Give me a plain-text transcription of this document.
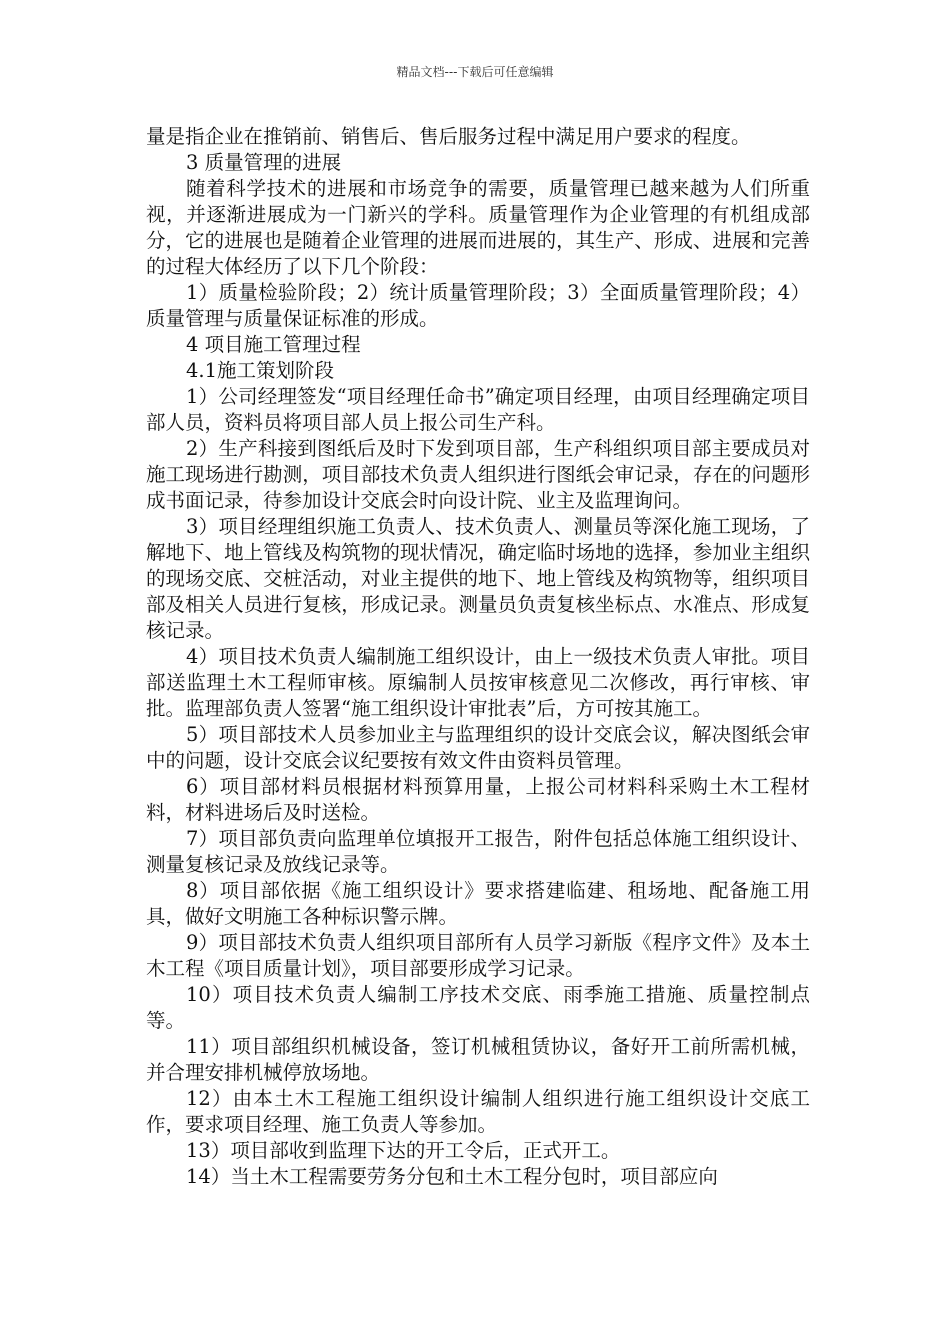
精品文档---下载后可任意编辑

量是指企业在推销前、销售后、售后服务过程中满足用户要求的程度。

3 质量管理的进展

随着科学技术的进展和市场竞争的需要，质量管理已越来越为人们所重视，并逐渐进展成为一门新兴的学科。质量管理作为企业管理的有机组成部分，它的进展也是随着企业管理的进展而进展的，其生产、形成、进展和完善的过程大体经历了以下几个阶段：

1）质量检验阶段；2）统计质量管理阶段；3）全面质量管理阶段；4）质量管理与质量保证标准的形成。

4 项目施工管理过程

4.1施工策划阶段

1）公司经理签发“项目经理任命书”确定项目经理，由项目经理确定项目部人员，资料员将项目部人员上报公司生产科。

2）生产科接到图纸后及时下发到项目部，生产科组织项目部主要成员对施工现场进行勘测，项目部技术负责人组织进行图纸会审记录，存在的问题形成书面记录，待参加设计交底会时向设计院、业主及监理询问。

3）项目经理组织施工负责人、技术负责人、测量员等深化施工现场，了解地下、地上管线及构筑物的现状情况，确定临时场地的选择，参加业主组织的现场交底、交桩活动，对业主提供的地下、地上管线及构筑物等，组织项目部及相关人员进行复核，形成记录。测量员负责复核坐标点、水准点、形成复核记录。

4）项目技术负责人编制施工组织设计，由上一级技术负责人审批。项目部送监理土木工程师审核。原编制人员按审核意见二次修改，再行审核、审批。监理部负责人签署“施工组织设计审批表”后，方可按其施工。

5）项目部技术人员参加业主与监理组织的设计交底会议，解决图纸会审中的问题，设计交底会议纪要按有效文件由资料员管理。

6）项目部材料员根据材料预算用量，上报公司材料科采购土木工程材料，材料进场后及时送检。

7）项目部负责向监理单位填报开工报告，附件包括总体施工组织设计、测量复核记录及放线记录等。

8）项目部依据《施工组织设计》要求搭建临建、租场地、配备施工用具，做好文明施工各种标识警示牌。

9）项目部技术负责人组织项目部所有人员学习新版《程序文件》及本土木工程《项目质量计划》，项目部要形成学习记录。

10）项目技术负责人编制工序技术交底、雨季施工措施、质量控制点等。

11）项目部组织机械设备，签订机械租赁协议，备好开工前所需机械，并合理安排机械停放场地。

12）由本土木工程施工组织设计编制人组织进行施工组织设计交底工作，要求项目经理、施工负责人等参加。

13）项目部收到监理下达的开工令后，正式开工。

14）当土木工程需要劳务分包和土木工程分包时，项目部应向
